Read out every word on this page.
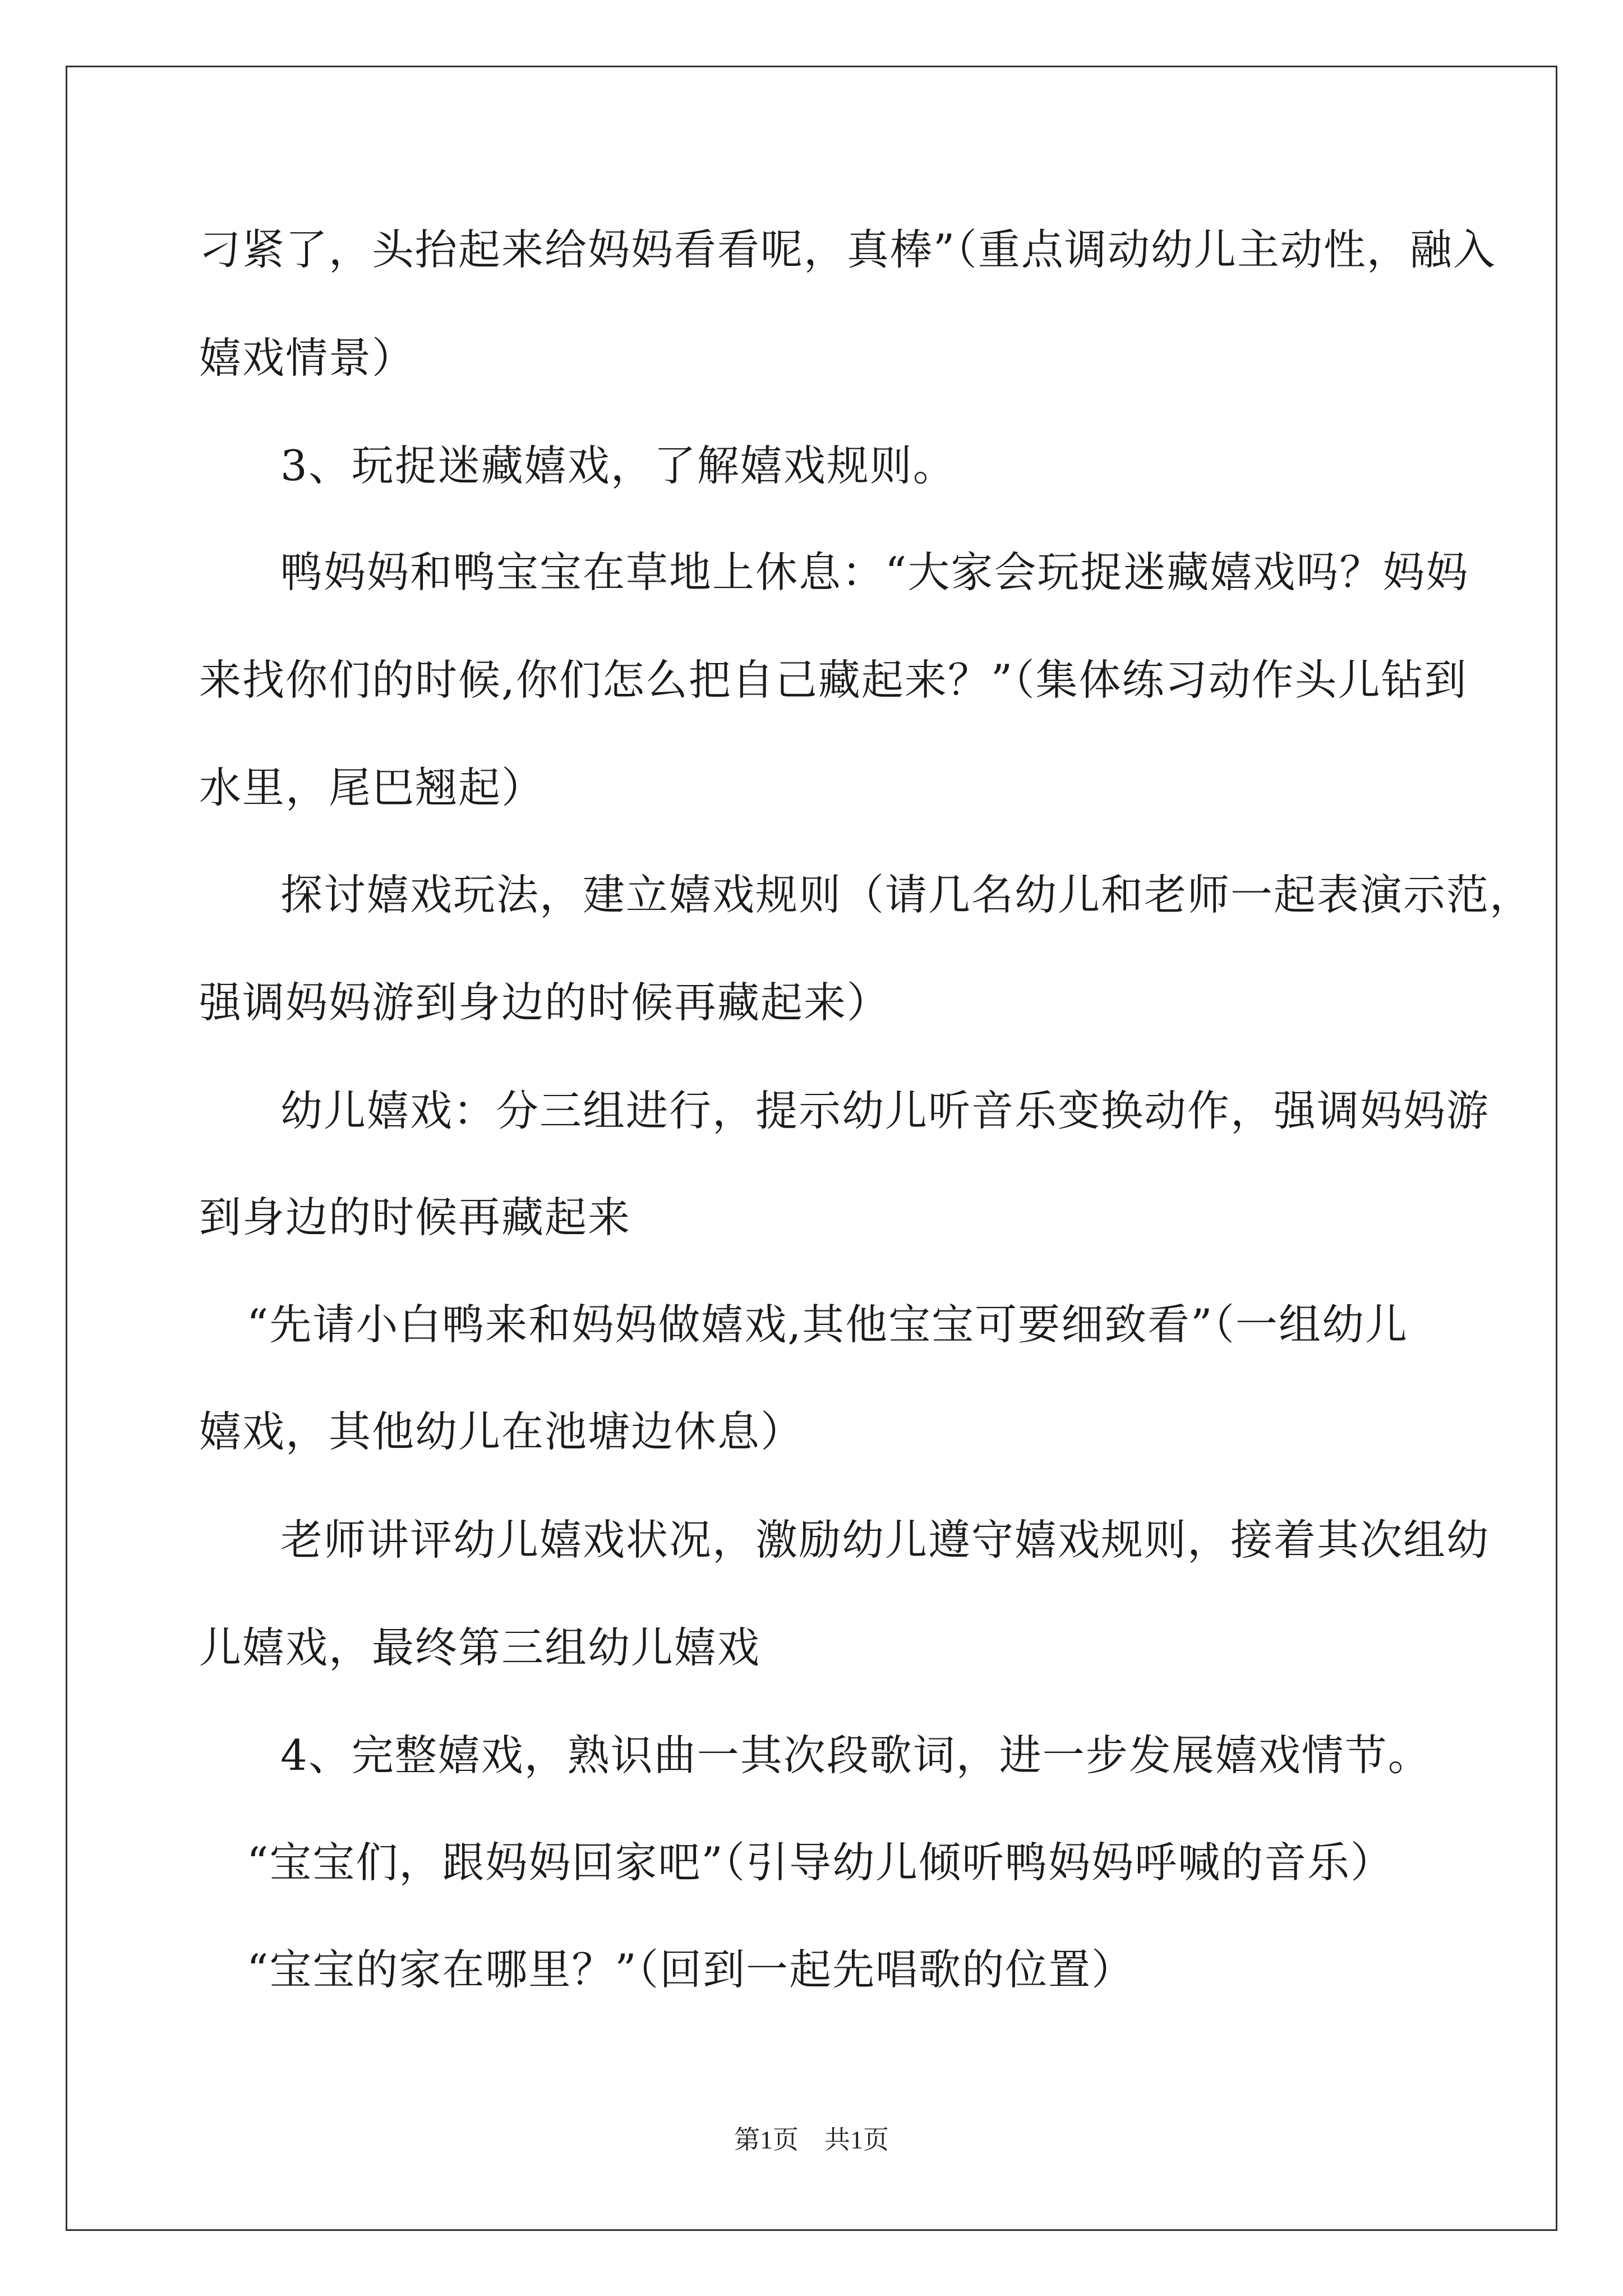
刁紧了，头抬起来给妈妈看看呢，真棒”（重点调动幼儿主动性，融入
嬉戏情景）
3、玩捉迷藏嬉戏，了解嬉戏规则。
鸭妈妈和鸭宝宝在草地上休息：“大家会玩捉迷藏嬉戏吗？妈妈
来找你们的时候,你们怎么把自己藏起来？”（集体练习动作头儿钻到
水里，尾巴翘起）
探讨嬉戏玩法，建立嬉戏规则（请几名幼儿和老师一起表演示范，
强调妈妈游到身边的时候再藏起来）
幼儿嬉戏：分三组进行，提示幼儿听音乐变换动作，强调妈妈游
到身边的时候再藏起来
“先请小白鸭来和妈妈做嬉戏,其他宝宝可要细致看”（一组幼儿
嬉戏，其他幼儿在池塘边休息）
老师讲评幼儿嬉戏状况，激励幼儿遵守嬉戏规则，接着其次组幼
儿嬉戏，最终第三组幼儿嬉戏
4、完整嬉戏，熟识曲一其次段歌词，进一步发展嬉戏情节。
“宝宝们，跟妈妈回家吧”（引导幼儿倾听鸭妈妈呼喊的音乐）
“宝宝的家在哪里？”（回到一起先唱歌的位置）
第1页　共1页
